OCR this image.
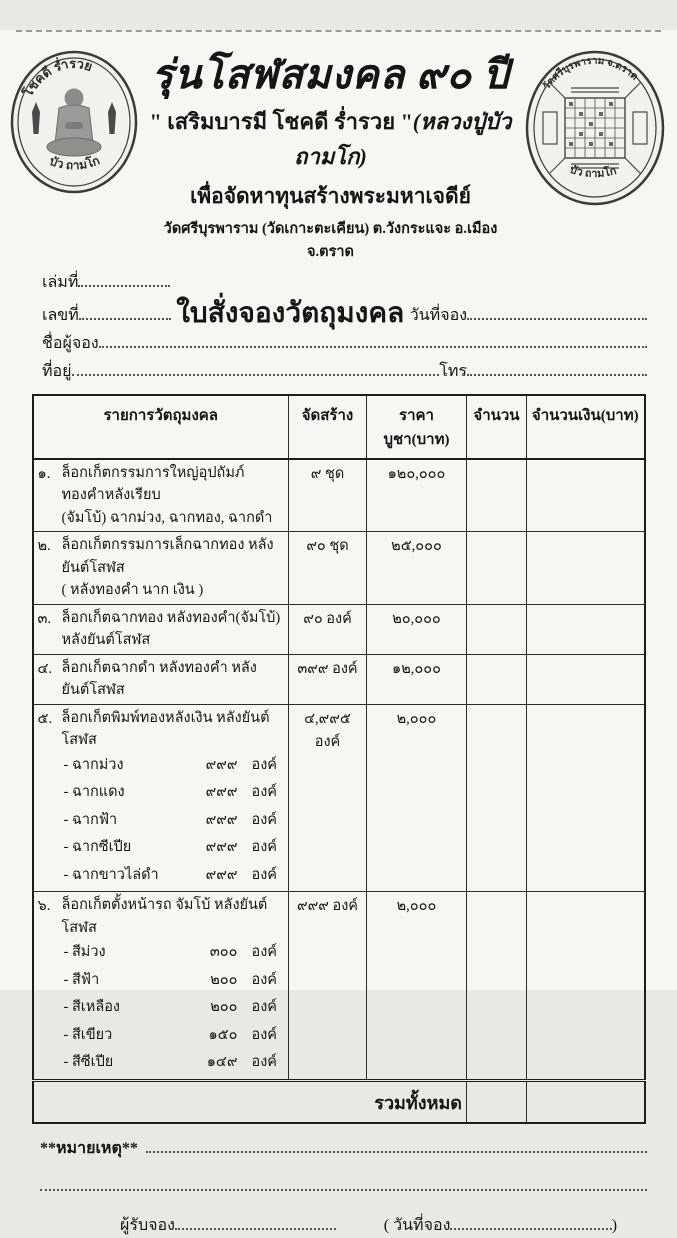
โชคดี ร่ำรวย
บัว ถามโก
รุ่นโสฬสมงคล ๙๐ ปี
" เสริมบารมี โชคดี ร่ำรวย "(หลวงปู่บัว ถามโก)
เพื่อจัดหาทุนสร้างพระมหาเจดีย์
วัดศรีบุรพาราม (วัดเกาะตะเคียน) ต.วังกระแจะ อ.เมือง จ.ตราด
วัดศรีบุรพาราม จ.ตราด
บัว ถามโก
เล่มที่
เลขที่	ใบสั่งจองวัตถุมงคล วันที่จอง
ชื่อผู้จอง
ที่อยู่	โทร
รายการวัตถุมงคล	จัดสร้าง	ราคาบูชา(บาท)	จำนวน	จำนวนเงิน(บาท)

๑. ล็อกเก็ตกรรมการใหญ่อุปถัมภ์ ทองคำหลังเรียบ
(จัมโบ้) ฉากม่วง, ฉากทอง, ฉากดำ	๙ ชุด	๑๒๐,๐๐๐		

๒. ล็อกเก็ตกรรมการเล็กฉากทอง หลังยันต์โสฬส
( หลังทองคำ นาก เงิน )	๙๐ ชุด	๒๕,๐๐๐		

๓. ล็อกเก็ตฉากทอง หลังทองคำ(จัมโบ้) หลังยันต์โสฬส	๙๐ องค์	๒๐,๐๐๐		

๔. ล็อกเก็ตฉากดำ หลังทองคำ หลังยันต์โสฬส	๓๙๙ องค์	๑๒,๐๐๐		

๕. ล็อกเก็ตพิมพ์ทองหลังเงิน หลังยันต์โสฬส
- ฉากม่วง	๙๙๙ องค์
- ฉากแดง	๙๙๙ องค์
- ฉากฟ้า	๙๙๙ องค์
- ฉากซีเปีย	๙๙๙ องค์
- ฉากขาวไล่ดำ	๙๙๙ องค์
	๔,๙๙๕ องค์	๒,๐๐๐		

๖. ล็อกเก็ตตั้งหน้ารถ จัมโบ้ หลังยันต์โสฬส
- สีม่วง	๓๐๐ องค์
- สีฟ้า	๒๐๐ องค์
- สีเหลือง	๒๐๐ องค์
- สีเขียว	๑๕๐ องค์
- สีซีเปีย	๑๔๙ องค์
	๙๙๙ องค์	๒,๐๐๐		
รวมทั้งหมด				
**หมายเหตุ**
ผู้รับจอง	( วันที่จอง	)
